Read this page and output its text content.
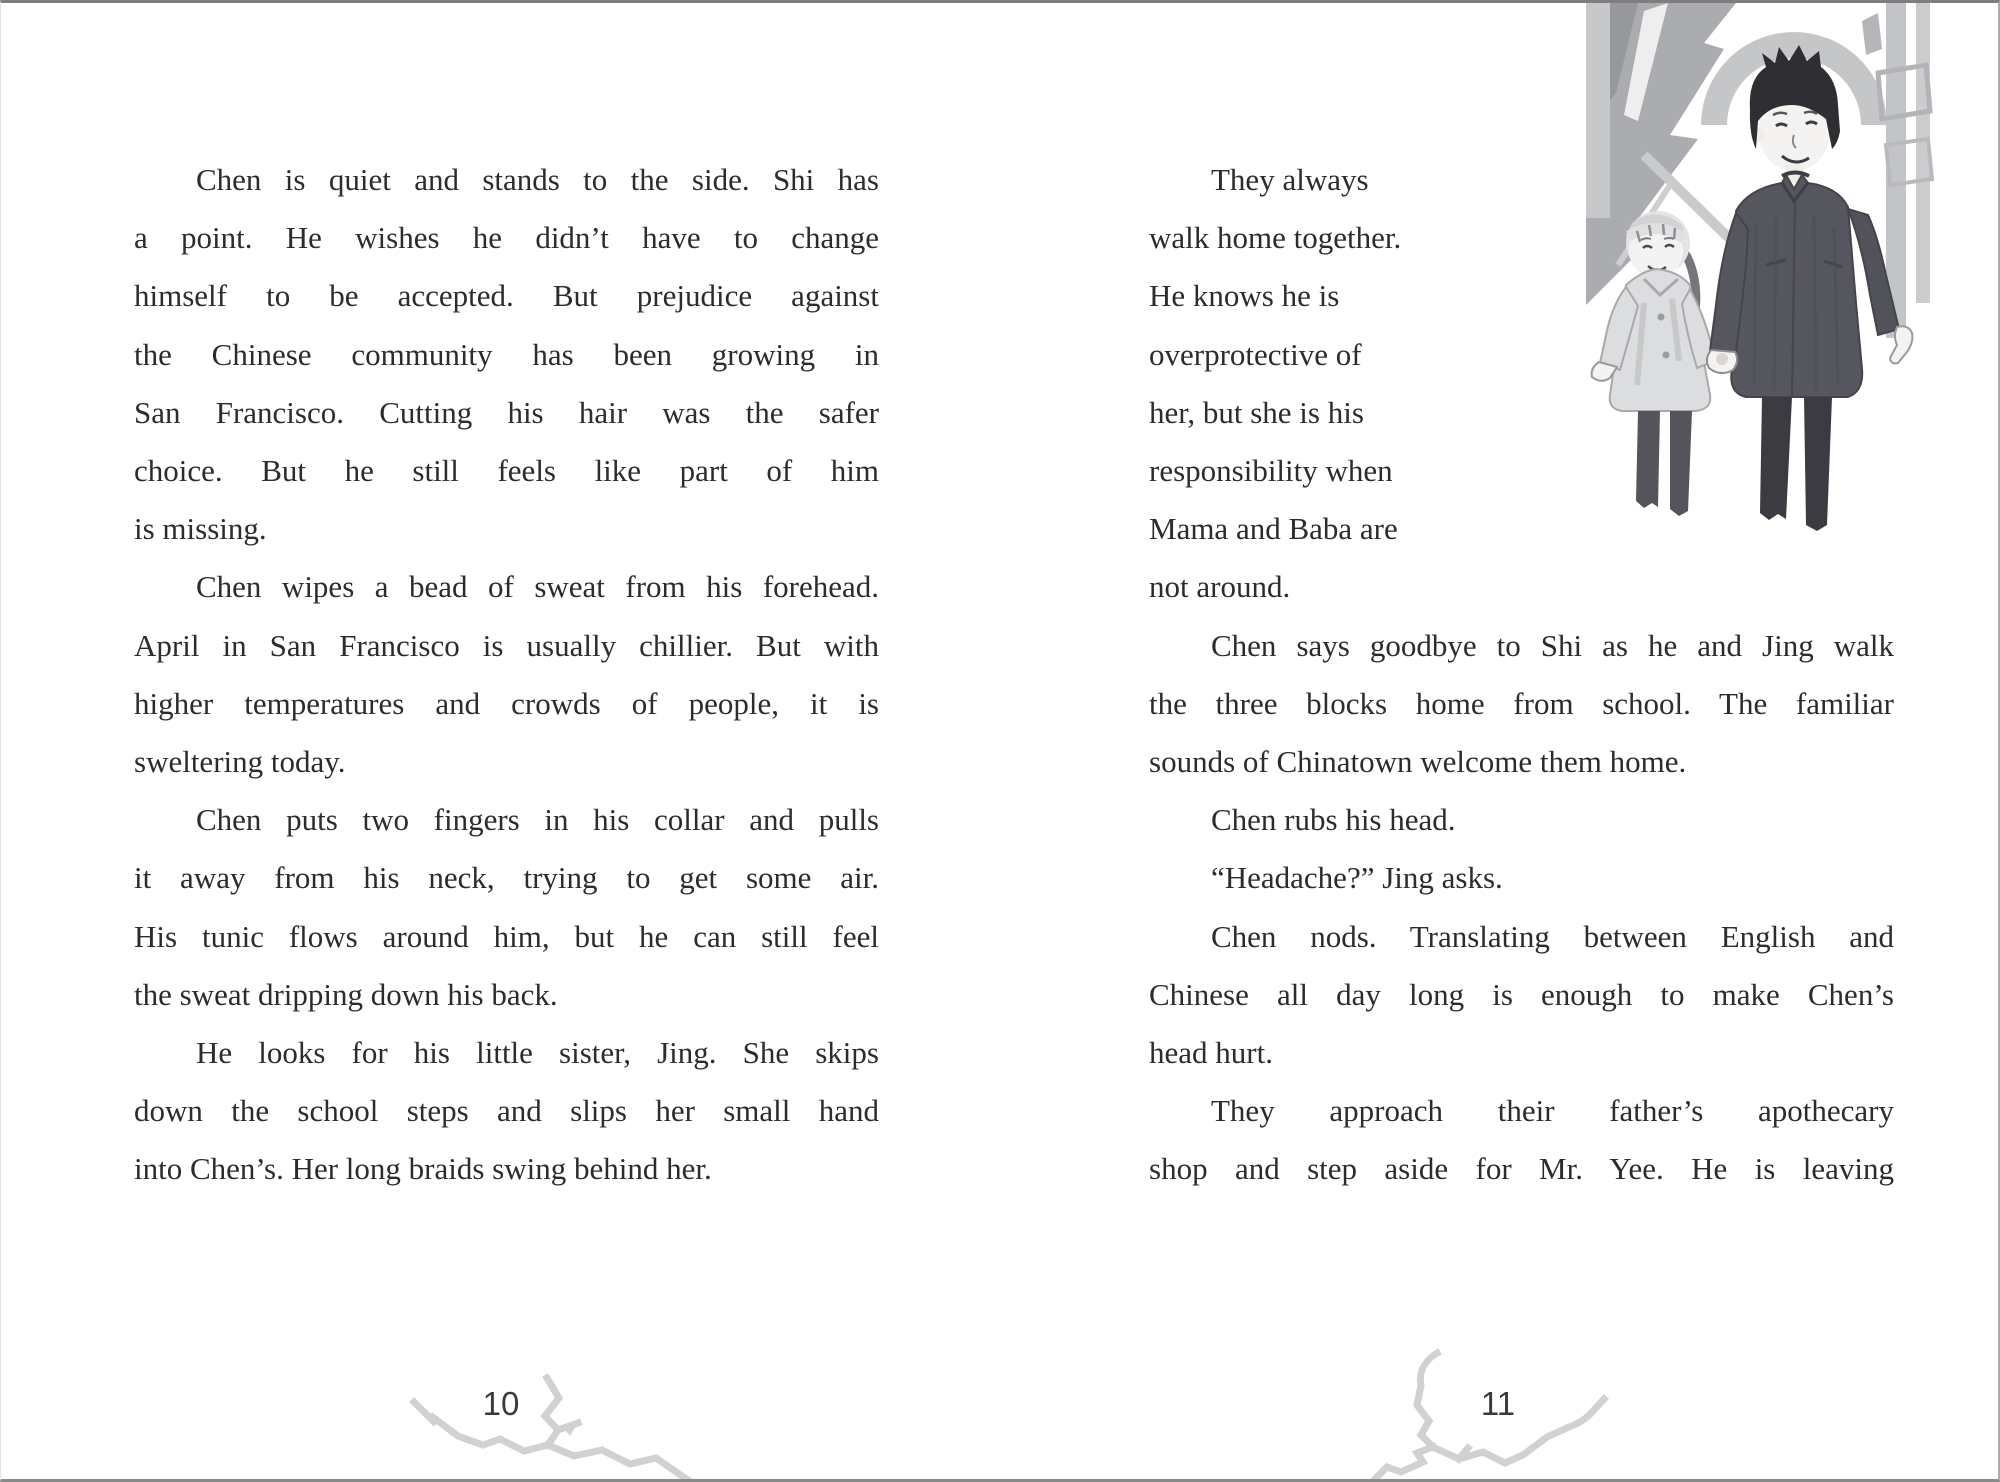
Chen is quiet and stands to the side. Shi has
a point. He wishes he didn’t have to change
himself to be accepted. But prejudice against
the Chinese community has been growing in
San Francisco. Cutting his hair was the safer
choice. But he still feels like part of him
is missing.
Chen wipes a bead of sweat from his forehead.
April in San Francisco is usually chillier. But with
higher temperatures and crowds of people, it is
sweltering today.
Chen puts two fingers in his collar and pulls
it away from his neck, trying to get some air.
His tunic flows around him, but he can still feel
the sweat dripping down his back.
He looks for his little sister, Jing. She skips
down the school steps and slips her small hand
into Chen’s. Her long braids swing behind her.
10
They always
walk home together.
He knows he is
overprotective of
her, but she is his
responsibility when
Mama and Baba are
not around.
Chen says goodbye to Shi as he and Jing walk
the three blocks home from school. The familiar
sounds of Chinatown welcome them home.
Chen rubs his head.
“Headache?” Jing asks.
Chen nods. Translating between English and
Chinese all day long is enough to make Chen’s
head hurt.
They approach their father’s apothecary
shop and step aside for Mr. Yee. He is leaving
11
